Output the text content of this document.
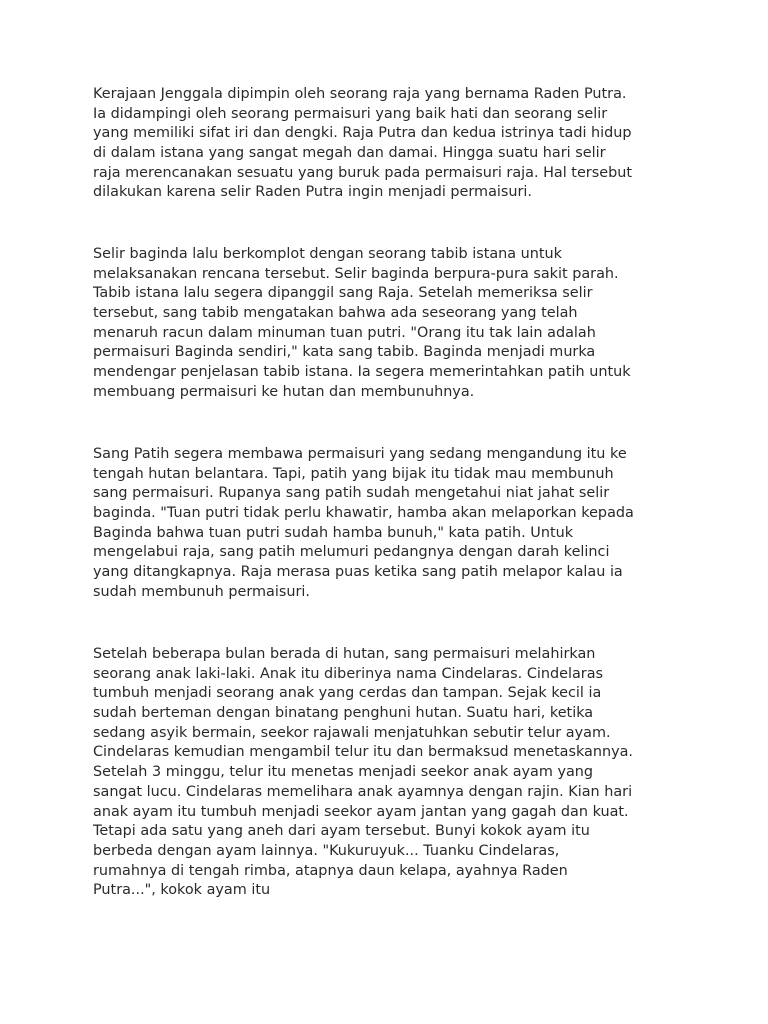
Kerajaan Jenggala dipimpin oleh seorang raja yang bernama Raden Putra.
Ia didampingi oleh seorang permaisuri yang baik hati dan seorang selir
yang memiliki sifat iri dan dengki. Raja Putra dan kedua istrinya tadi hidup
di dalam istana yang sangat megah dan damai. Hingga suatu hari selir
raja merencanakan sesuatu yang buruk pada permaisuri raja. Hal tersebut
dilakukan karena selir Raden Putra ingin menjadi permaisuri.
Selir baginda lalu berkomplot dengan seorang tabib istana untuk
melaksanakan rencana tersebut. Selir baginda berpura-pura sakit parah.
Tabib istana lalu segera dipanggil sang Raja. Setelah memeriksa selir
tersebut, sang tabib mengatakan bahwa ada seseorang yang telah
menaruh racun dalam minuman tuan putri. "Orang itu tak lain adalah
permaisuri Baginda sendiri," kata sang tabib. Baginda menjadi murka
mendengar penjelasan tabib istana. Ia segera memerintahkan patih untuk
membuang permaisuri ke hutan dan membunuhnya.
Sang Patih segera membawa permaisuri yang sedang mengandung itu ke
tengah hutan belantara. Tapi, patih yang bijak itu tidak mau membunuh
sang permaisuri. Rupanya sang patih sudah mengetahui niat jahat selir
baginda. "Tuan putri tidak perlu khawatir, hamba akan melaporkan kepada
Baginda bahwa tuan putri sudah hamba bunuh," kata patih. Untuk
mengelabui raja, sang patih melumuri pedangnya dengan darah kelinci
yang ditangkapnya. Raja merasa puas ketika sang patih melapor kalau ia
sudah membunuh permaisuri.
Setelah beberapa bulan berada di hutan, sang permaisuri melahirkan
seorang anak laki-laki. Anak itu diberinya nama Cindelaras. Cindelaras
tumbuh menjadi seorang anak yang cerdas dan tampan. Sejak kecil ia
sudah berteman dengan binatang penghuni hutan. Suatu hari, ketika
sedang asyik bermain, seekor rajawali menjatuhkan sebutir telur ayam.
Cindelaras kemudian mengambil telur itu dan bermaksud menetaskannya.
Setelah 3 minggu, telur itu menetas menjadi seekor anak ayam yang
sangat lucu. Cindelaras memelihara anak ayamnya dengan rajin. Kian hari
anak ayam itu tumbuh menjadi seekor ayam jantan yang gagah dan kuat.
Tetapi ada satu yang aneh dari ayam tersebut. Bunyi kokok ayam itu
berbeda dengan ayam lainnya. "Kukuruyuk... Tuanku Cindelaras,
rumahnya di tengah rimba, atapnya daun kelapa, ayahnya Raden
Putra...", kokok ayam itu
